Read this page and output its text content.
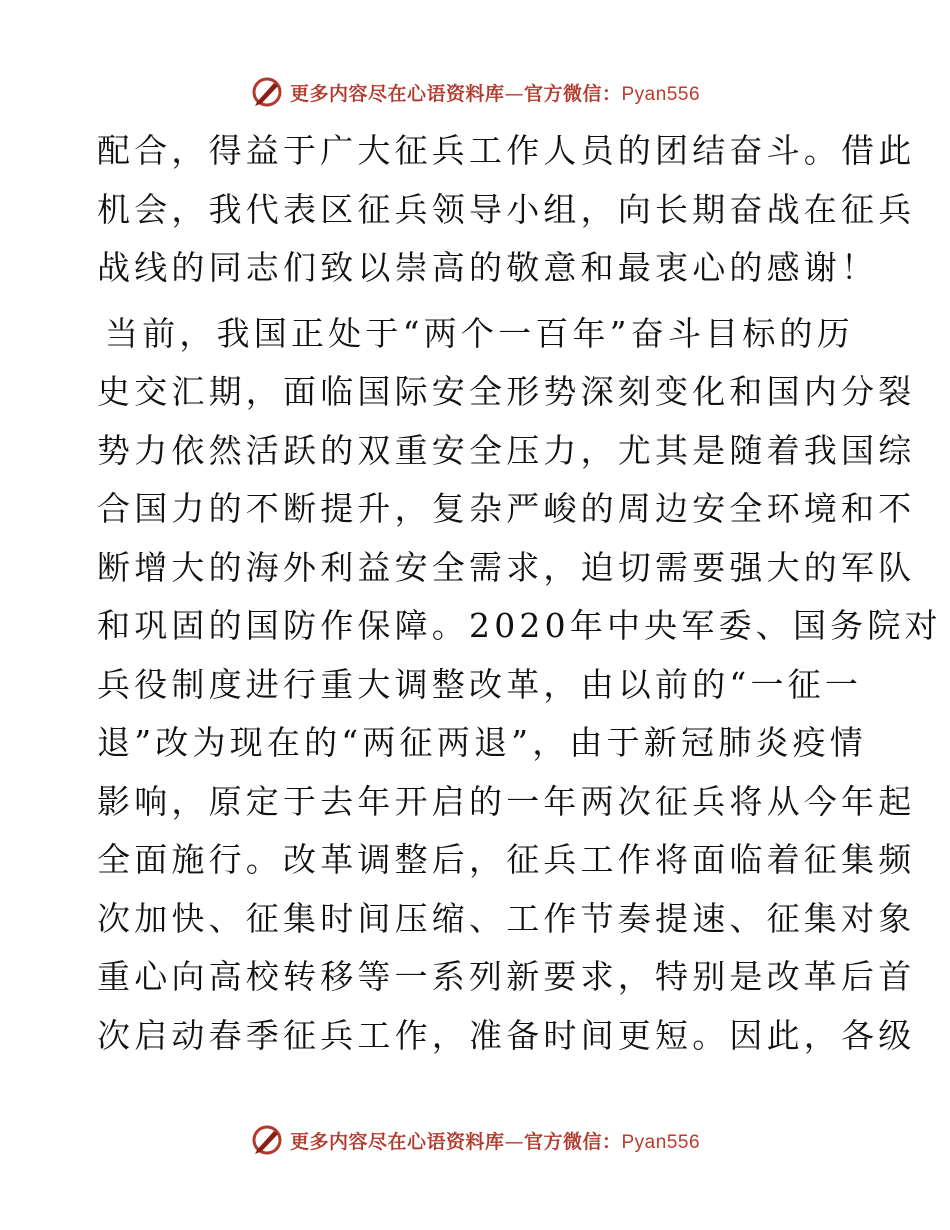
更多内容尽在心语资料库—官方微信：Pyan556
配合，得益于广大征兵工作人员的团结奋斗。借此
机会，我代表区征兵领导小组，向长期奋战在征兵
战线的同志们致以崇高的敬意和最衷心的感谢！
当前，我国正处于“两个一百年”奋斗目标的历
史交汇期，面临国际安全形势深刻变化和国内分裂
势力依然活跃的双重安全压力，尤其是随着我国综
合国力的不断提升，复杂严峻的周边安全环境和不
断增大的海外利益安全需求，迫切需要强大的军队
和巩固的国防作保障。2020年中央军委、国务院对
兵役制度进行重大调整改革，由以前的“一征一
退”改为现在的“两征两退”，由于新冠肺炎疫情
影响，原定于去年开启的一年两次征兵将从今年起
全面施行。改革调整后，征兵工作将面临着征集频
次加快、征集时间压缩、工作节奏提速、征集对象
重心向高校转移等一系列新要求，特别是改革后首
次启动春季征兵工作，准备时间更短。因此，各级
更多内容尽在心语资料库—官方微信：Pyan556
